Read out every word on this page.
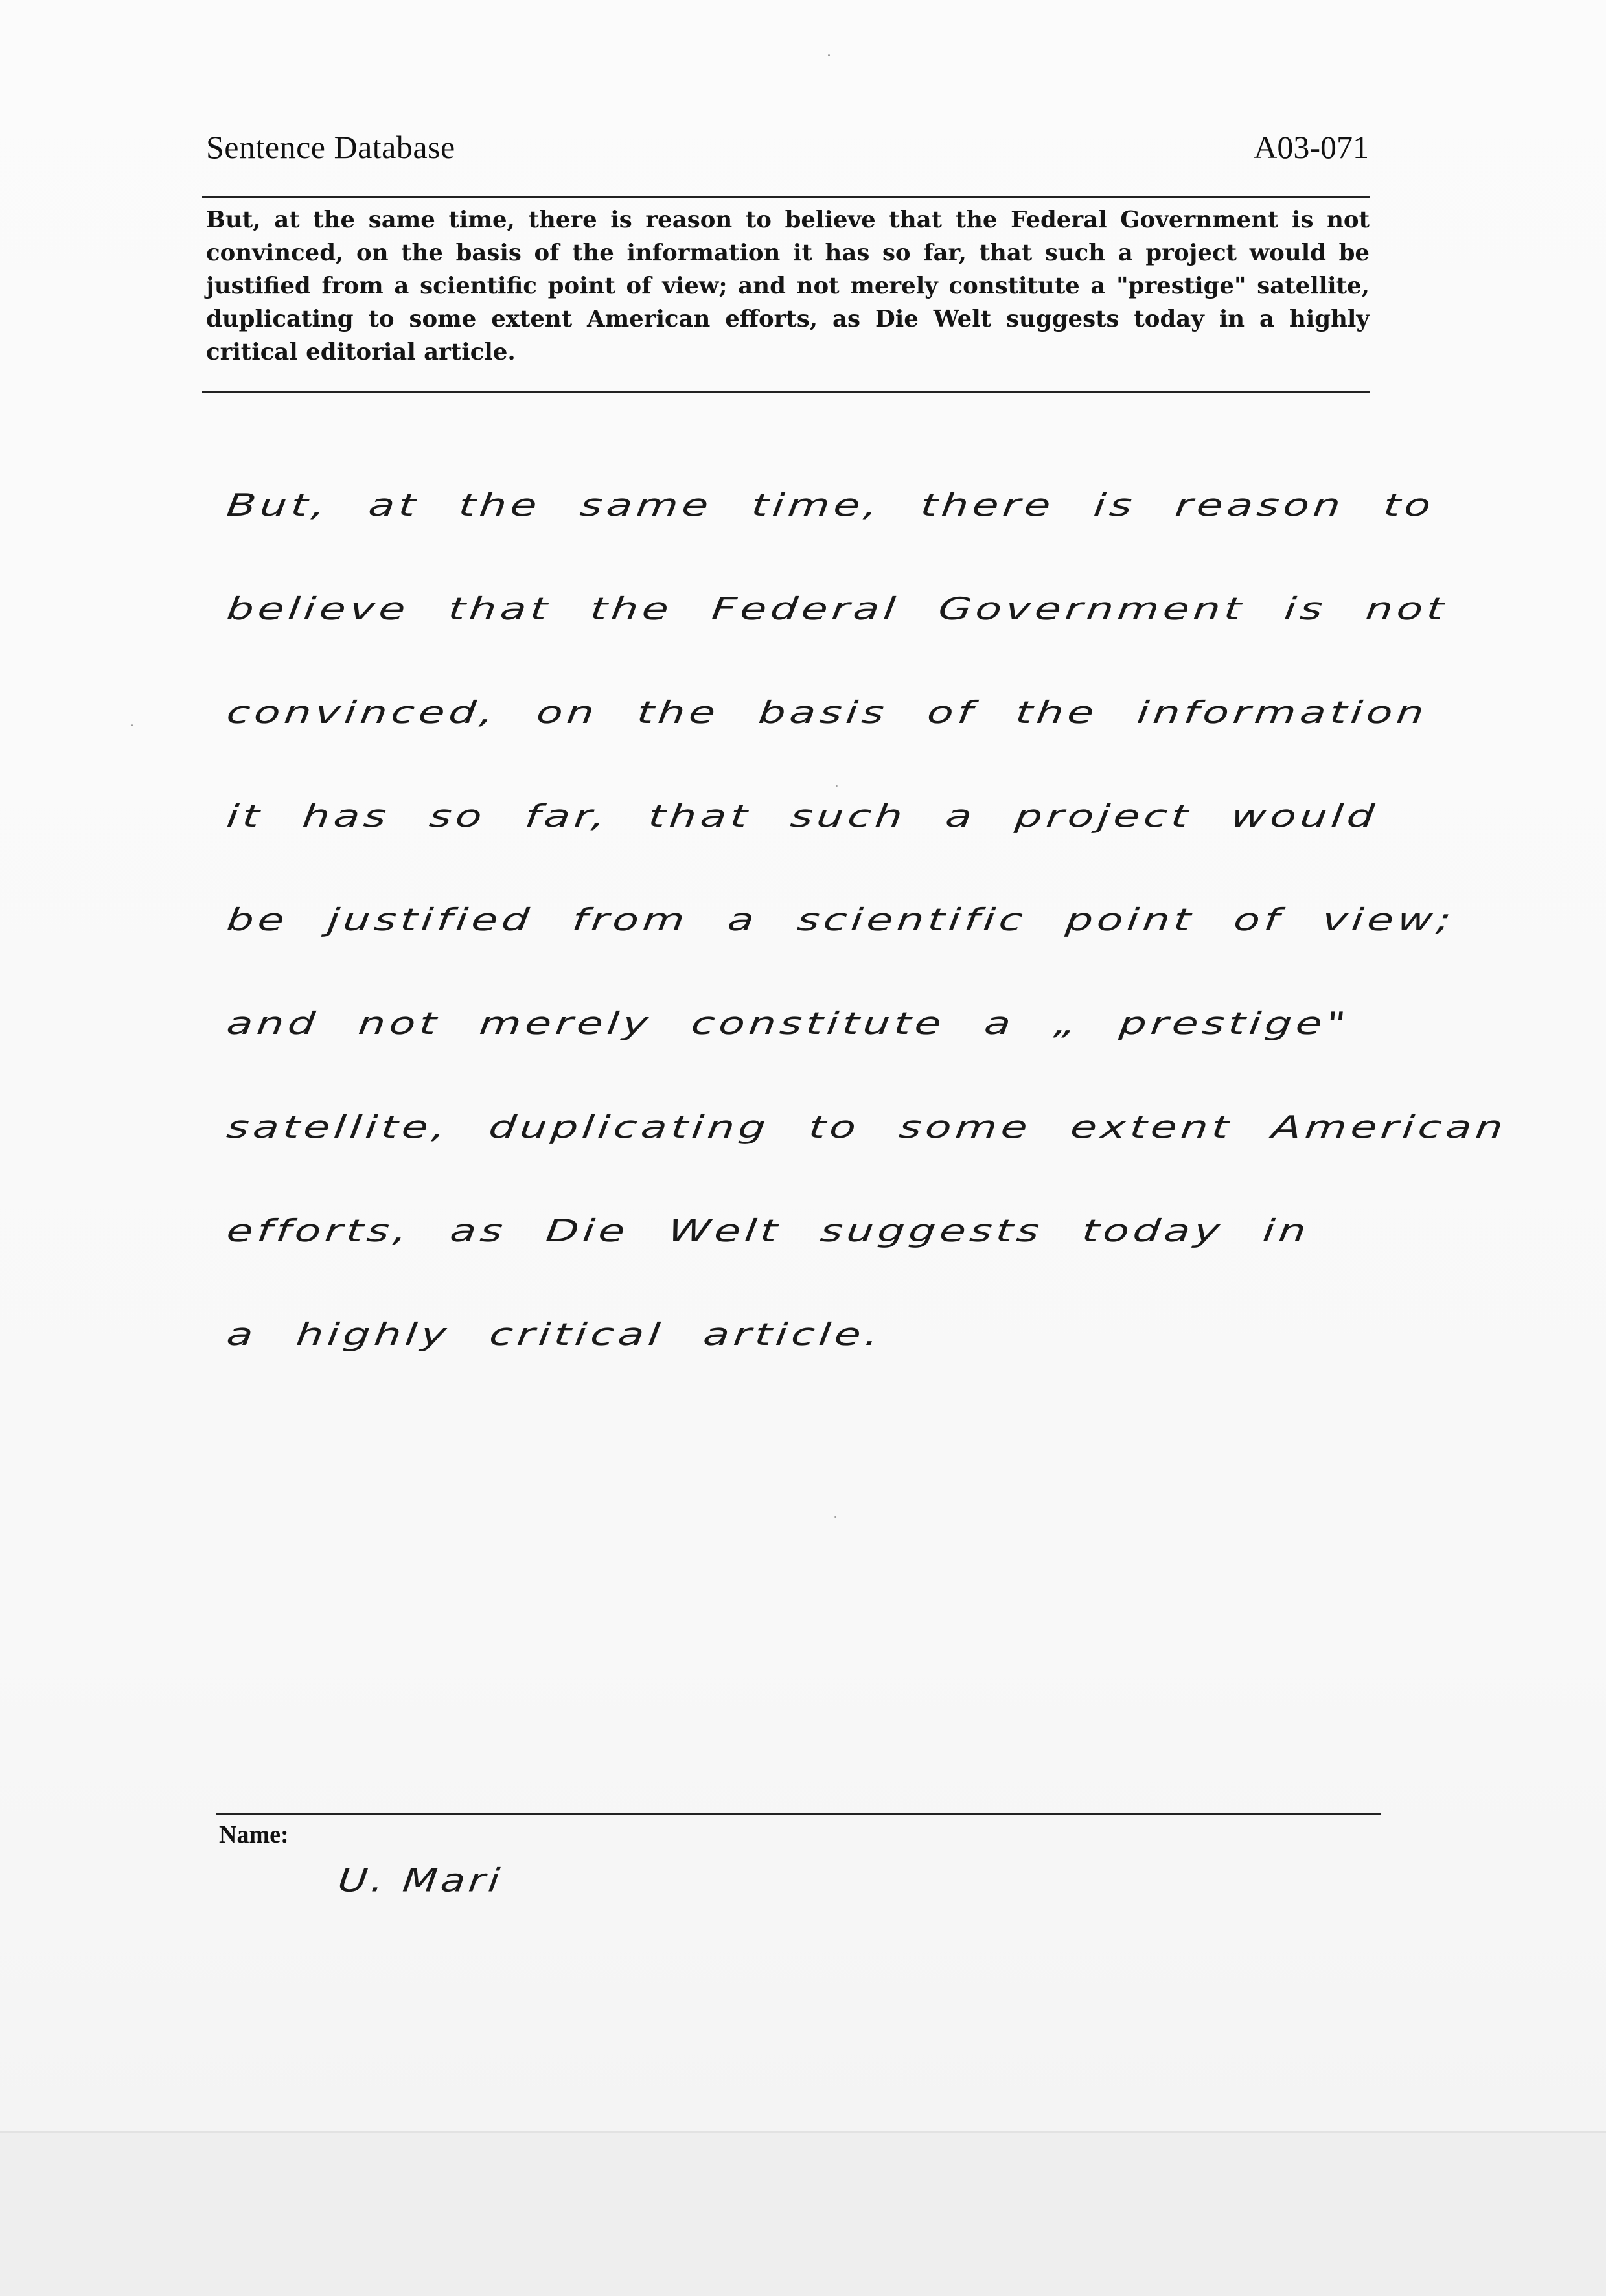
Sentence Database	A03-071
But, at the same time, there is reason to believe that the Federal Government is not convinced, on the basis of the information it has so far, that such a project would be justified from a scientific point of view; and not merely constitute a "prestige" satellite, duplicating to some extent American efforts, as Die Welt suggests today in a highly critical editorial article.
But, at the same time, there is reason to
believe that the Federal Government is not
convinced, on the basis of the information
it has so far, that such a project would
be justified from a scientific point of view;
and not merely constitute a „ prestige"
satellite, duplicating to some extent American
efforts, as Die Welt suggests today in
a highly critical article.
Name:
U. Mari
